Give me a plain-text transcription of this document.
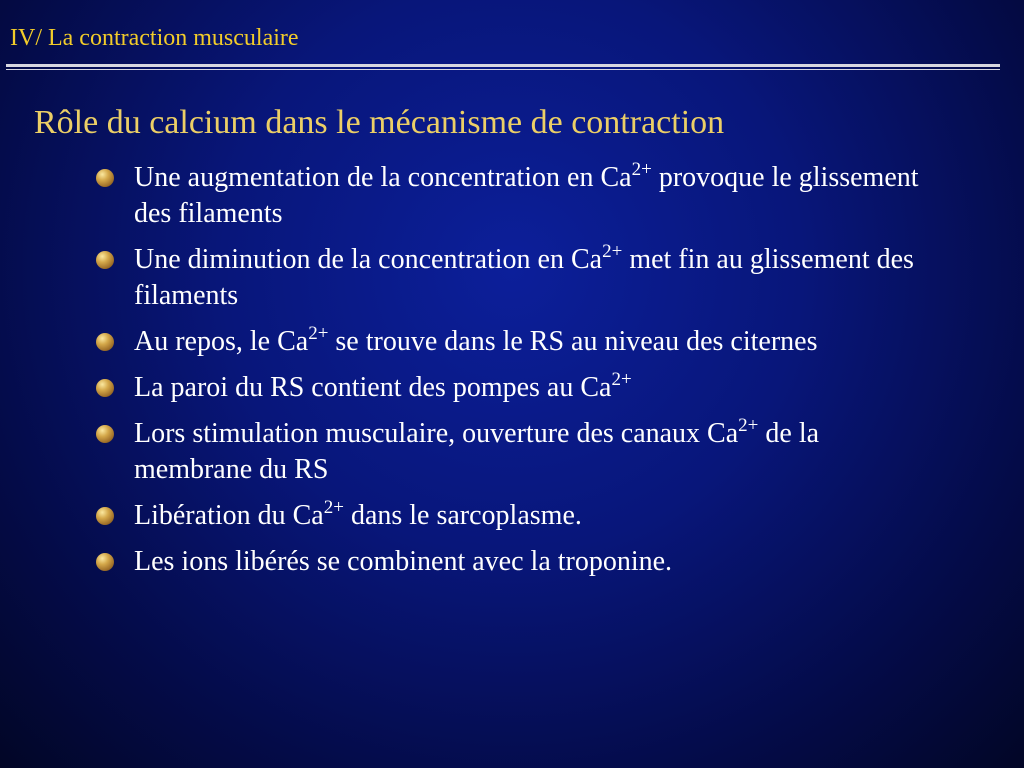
IV/ La contraction musculaire
Rôle du calcium dans le mécanisme de contraction
Une augmentation de la concentration en $Ca^{2+}$ provoque le glissement des filaments
Une diminution de la concentration en $Ca^{2+}$ met fin au glissement des filaments
Au repos, le $Ca^{2+}$ se trouve dans le RS au niveau des citernes
La paroi du RS contient des pompes au $Ca^{2+}$
Lors stimulation musculaire, ouverture des canaux $Ca^{2+}$ de la membrane du RS
Libération du $Ca^{2+}$ dans le sarcoplasme.
Les ions libérés se combinent avec la troponine.
